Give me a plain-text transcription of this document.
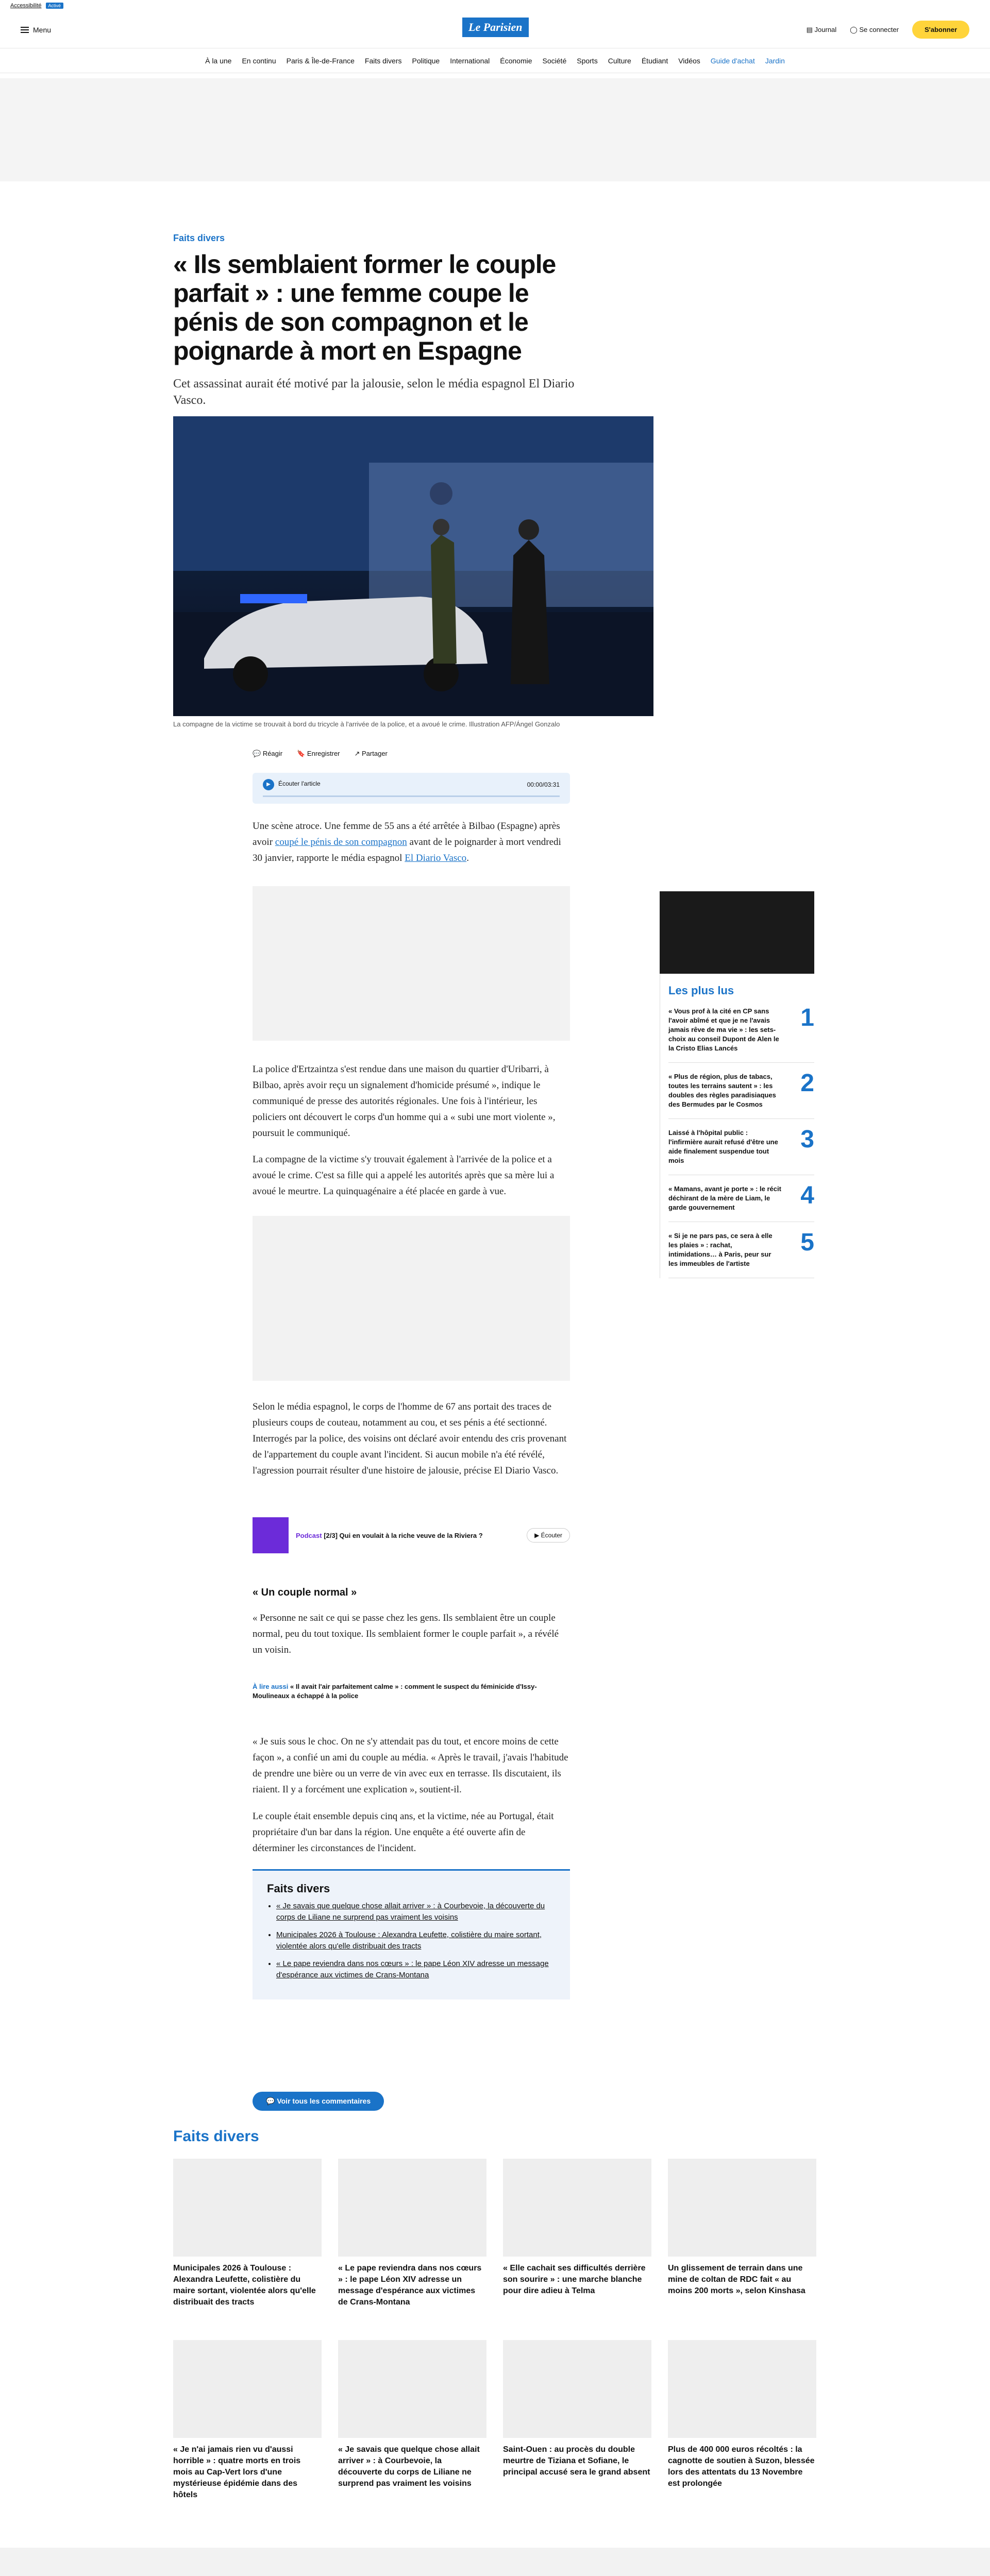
Accessibilité	Activé
Menu	▤ Journal ◯ Se connecter	S'abonner
Le Parisien
À la une En continu Paris & Île-de-France Faits divers Politique International Économie Société Sports Culture Étudiant Vidéos Guide d'achat Jardin
Faits divers
« Ils semblaient former le couple parfait » : une femme coupe le pénis de son compagnon et le poignarde à mort en Espagne

Cet assassinat aurait été motivé par la jalousie, selon le média espagnol El Diario Vasco.

La compagne de la victime se trouvait à bord du tricycle à l'arrivée de la police, et a avoué le crime. Illustration AFP/Ángel Gonzalo
💬 Réagir 🔖 Enregistrer ↗ Partager
▶ Écouter l'article	00:00/03:31
Une scène atroce. Une femme de 55 ans a été arrêtée à Bilbao (Espagne) après avoir coupé le pénis de son compagnon avant de le poignarder à mort vendredi 30 janvier, rapporte le média espagnol El Diario Vasco.
La police d'Ertzaintza s'est rendue dans une maison du quartier d'Uribarri, à Bilbao, après avoir reçu un signalement d'homicide présumé », indique le communiqué de presse des autorités régionales. Une fois à l'intérieur, les policiers ont découvert le corps d'un homme qui a « subi une mort violente », poursuit le communiqué.
La compagne de la victime s'y trouvait également à l'arrivée de la police et a avoué le crime. C'est sa fille qui a appelé les autorités après que sa mère lui a avoué le meurtre. La quinquagénaire a été placée en garde à vue.
Selon le média espagnol, le corps de l'homme de 67 ans portait des traces de plusieurs coups de couteau, notamment au cou, et ses pénis a été sectionné. Interrogés par la police, des voisins ont déclaré avoir entendu des cris provenant de l'appartement du couple avant l'incident. Si aucun mobile n'a été révélé, l'agression pourrait résulter d'une histoire de jalousie, précise El Diario Vasco.
Podcast [2/3] Qui en voulait à la riche veuve de la Riviera ?	▶ Écouter
« Un couple normal »
« Personne ne sait ce qui se passe chez les gens. Ils semblaient être un couple normal, peu du tout toxique. Ils semblaient former le couple parfait », a révélé un voisin.
À lire aussi « Il avait l'air parfaitement calme » : comment le suspect du féminicide d'Issy-Moulineaux a échappé à la police
« Je suis sous le choc. On ne s'y attendait pas du tout, et encore moins de cette façon », a confié un ami du couple au média. « Après le travail, j'avais l'habitude de prendre une bière ou un verre de vin avec eux en terrasse. Ils discutaient, ils riaient. Il y a forcément une explication », soutient-il.
Le couple était ensemble depuis cinq ans, et la victime, née au Portugal, était propriétaire d'un bar dans la région. Une enquête a été ouverte afin de déterminer les circonstances de l'incident.
Faits divers
• « Je savais que quelque chose allait arriver » : à Courbevoie, la découverte du corps de Liliane ne surprend pas vraiment les voisins
• Municipales 2026 à Toulouse : Alexandra Leufette, colistière du maire sortant, violentée alors qu'elle distribuait des tracts
• « Le pape reviendra dans nos cœurs » : le pape Léon XIV adresse un message d'espérance aux victimes de Crans-Montana
💬 Voir tous les commentaires
Les plus lus
« Vous prof à la cité en CP sans l'avoir abîmé et que je ne l'avais jamais rêve de ma vie » : les sets-choix au conseil Dupont de Alen le la Cristo Elias Lancés
1
« Plus de région, plus de tabacs, toutes les terrains sautent » : les doubles des règles paradisiaques des Bermudes par le Cosmos
2
Laissé à l'hôpital public : l'infirmière aurait refusé d'être une aide finalement suspendue tout mois
3
« Mamans, avant je porte » : le récit déchirant de la mère de Liam, le garde gouvernement	4
« Si je ne pars pas, ce sera à elle les plaies » : rachat, intimidations… à Paris, peur sur les immeubles de l'artiste
5
Faits divers
Municipales 2026 à Toulouse : Alexandra Leufette, colistière du maire sortant, violentée alors qu'elle distribuait des tracts
« Le pape reviendra dans nos cœurs » : le pape Léon XIV adresse un message d'espérance aux victimes de Crans-Montana
« Elle cachait ses difficultés derrière son sourire » : une marche blanche pour dire adieu à Telma
Un glissement de terrain dans une mine de coltan de RDC fait « au moins 200 morts », selon Kinshasa
« Je n'ai jamais rien vu d'aussi horrible » : quatre morts en trois mois au Cap-Vert lors d'une mystérieuse épidémie dans des hôtels
« Je savais que quelque chose allait arriver » : à Courbevoie, la découverte du corps de Liliane ne surprend pas vraiment les voisins
Saint-Ouen : au procès du double meurtre de Tiziana et Sofiane, le principal accusé sera le grand absent
Plus de 400 000 euros récoltés : la cagnotte de soutien à Suzon, blessée lors des attentats du 13 Novembre est prolongée
